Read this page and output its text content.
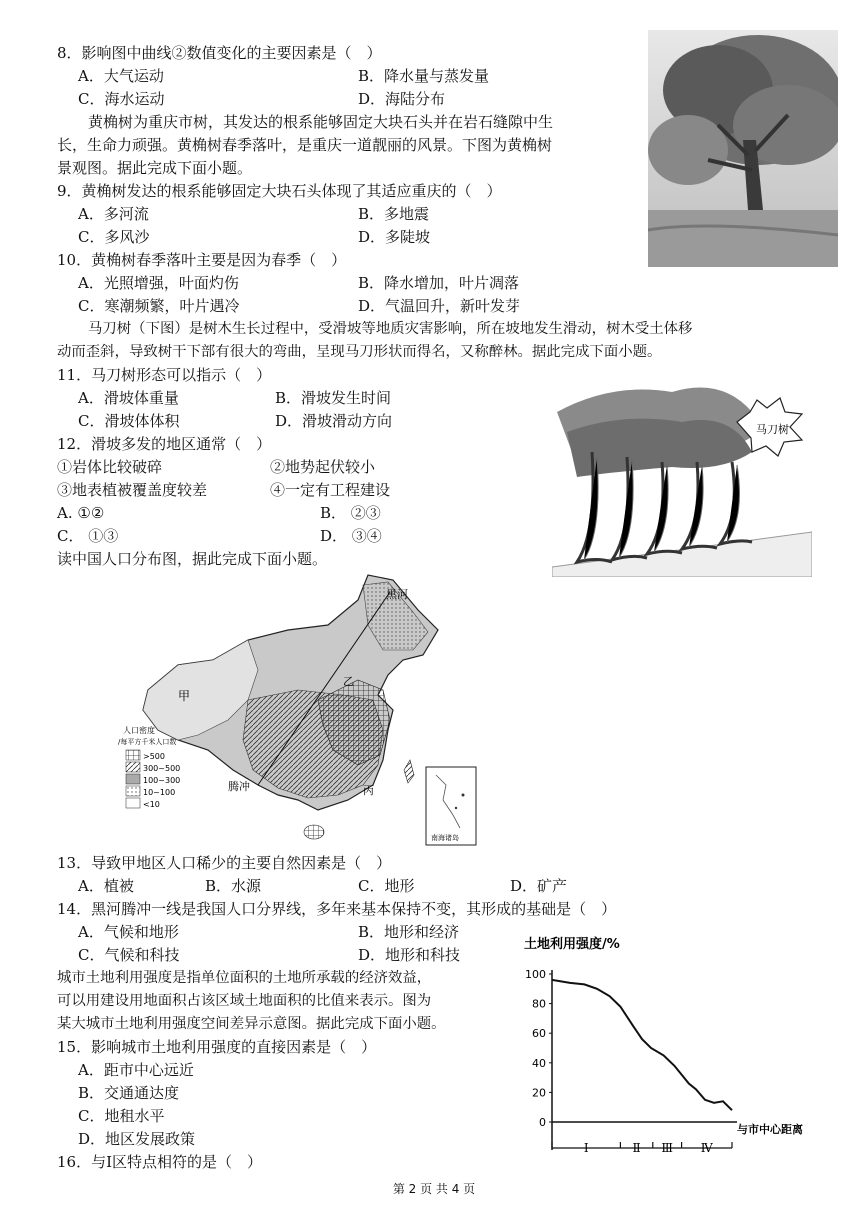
8．影响图中曲线②数值变化的主要因素是（　）
A．大气运动	B．降水量与蒸发量
C．海水运动	D．海陆分布
黄桷树为重庆市树，其发达的根系能够固定大块石头并在岩石缝隙中生
长，生命力顽强。黄桷树春季落叶，是重庆一道靓丽的风景。下图为黄桷树
景观图。据此完成下面小题。
9．黄桷树发达的根系能够固定大块石头体现了其适应重庆的（　）
A．多河流	B．多地震
C．多风沙	D．多陡坡
10．黄桷树春季落叶主要是因为春季（　）
A．光照增强，叶面灼伤	B．降水增加，叶片凋落
C．寒潮频繁，叶片遇冷	D．气温回升，新叶发芽
马刀树（下图）是树木生长过程中，受滑坡等地质灾害影响，所在坡地发生滑动，树木受土体移
动而歪斜，导致树干下部有很大的弯曲，呈现马刀形状而得名，又称醉林。据此完成下面小题。
11．马刀树形态可以指示（　）
A．滑坡体重量	B．滑坡发生时间
C．滑坡体体积	D．滑坡滑动方向
12．滑坡多发的地区通常（　）
①岩体比较破碎	②地势起伏较小
③地表植被覆盖度较差	④一定有工程建设
A. ①②	B． ②③
C． ①③	D． ③④
马刀树
读中国人口分布图，据此完成下面小题。
黑河
甲
乙
丙
腾冲
人口密度
/每平方千米人口数
>500
300~500
100~300
10~100
<10
南海诸岛
13．导致甲地区人口稀少的主要自然因素是（　）
A．植被	B．水源	C．地形	D．矿产
14．黑河腾冲一线是我国人口分界线，多年来基本保持不变，其形成的基础是（　）
A．气候和地形	B．地形和经济
C．气候和科技	D．地形和科技
城市土地利用强度是指单位面积的土地所承载的经济效益，
可以用建设用地面积占该区域土地面积的比值来表示。图为
某大城市土地利用强度空间差异示意图。据此完成下面小题。
15．影响城市土地利用强度的直接因素是（　）
A．距市中心远近
B．交通通达度
C．地租水平
D．地区发展政策
16．与Ⅰ区特点相符的是（　）
土地利用强度/%
与市中心距离
0
20
40
60
80
100
Ⅰ	Ⅱ Ⅲ Ⅳ
第 2 页 共 4 页
